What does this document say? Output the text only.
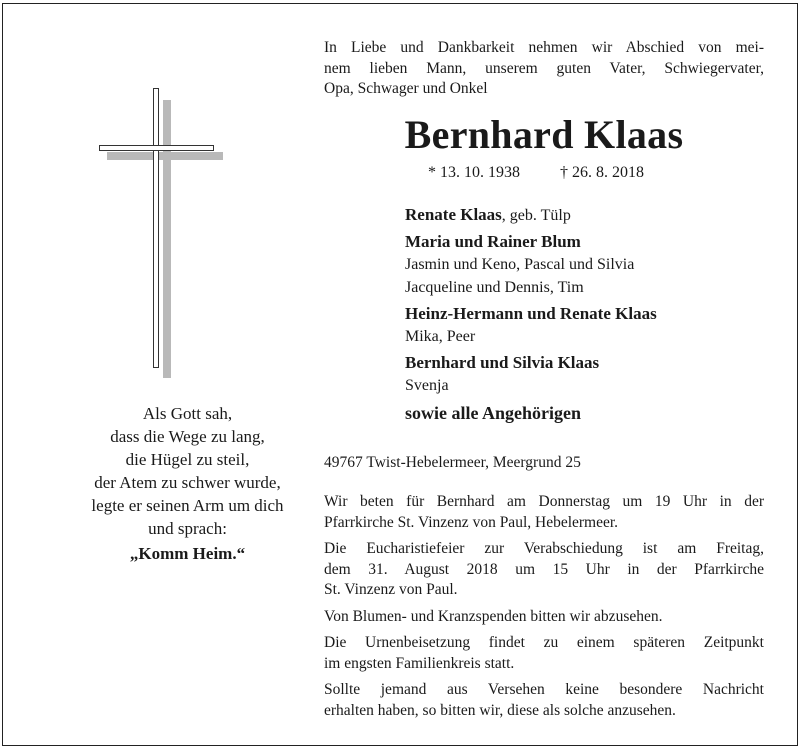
Als Gott sah,
dass die Wege zu lang,
die Hügel zu steil,
der Atem zu schwer wurde,
legte er seinen Arm um dich
und sprach:
„Komm Heim.“
In Liebe und Dankbarkeit nehmen wir Abschied von mei-
nem lieben Mann, unserem guten Vater, Schwiegervater,
Opa, Schwager und Onkel
Bernhard Klaas
* 13. 10. 1938	† 26. 8. 2018
Renate Klaas, geb. Tülp
Maria und Rainer Blum
Jasmin und Keno, Pascal und Silvia
Jacqueline und Dennis, Tim
Heinz-Hermann und Renate Klaas
Mika, Peer
Bernhard und Silvia Klaas
Svenja
sowie alle Angehörigen
49767 Twist-Hebelermeer, Meergrund 25

Wir beten für Bernhard am Donnerstag um 19 Uhr in der
Pfarrkirche St. Vinzenz von Paul, Hebelermeer.

Die Eucharistiefeier zur Verabschiedung ist am Freitag,
dem 31. August 2018 um 15 Uhr in der Pfarrkirche
St. Vinzenz von Paul.

Von Blumen- und Kranzspenden bitten wir abzusehen.

Die Urnenbeisetzung findet zu einem späteren Zeitpunkt
im engsten Familienkreis statt.

Sollte jemand aus Versehen keine besondere Nachricht
erhalten haben, so bitten wir, diese als solche anzusehen.
